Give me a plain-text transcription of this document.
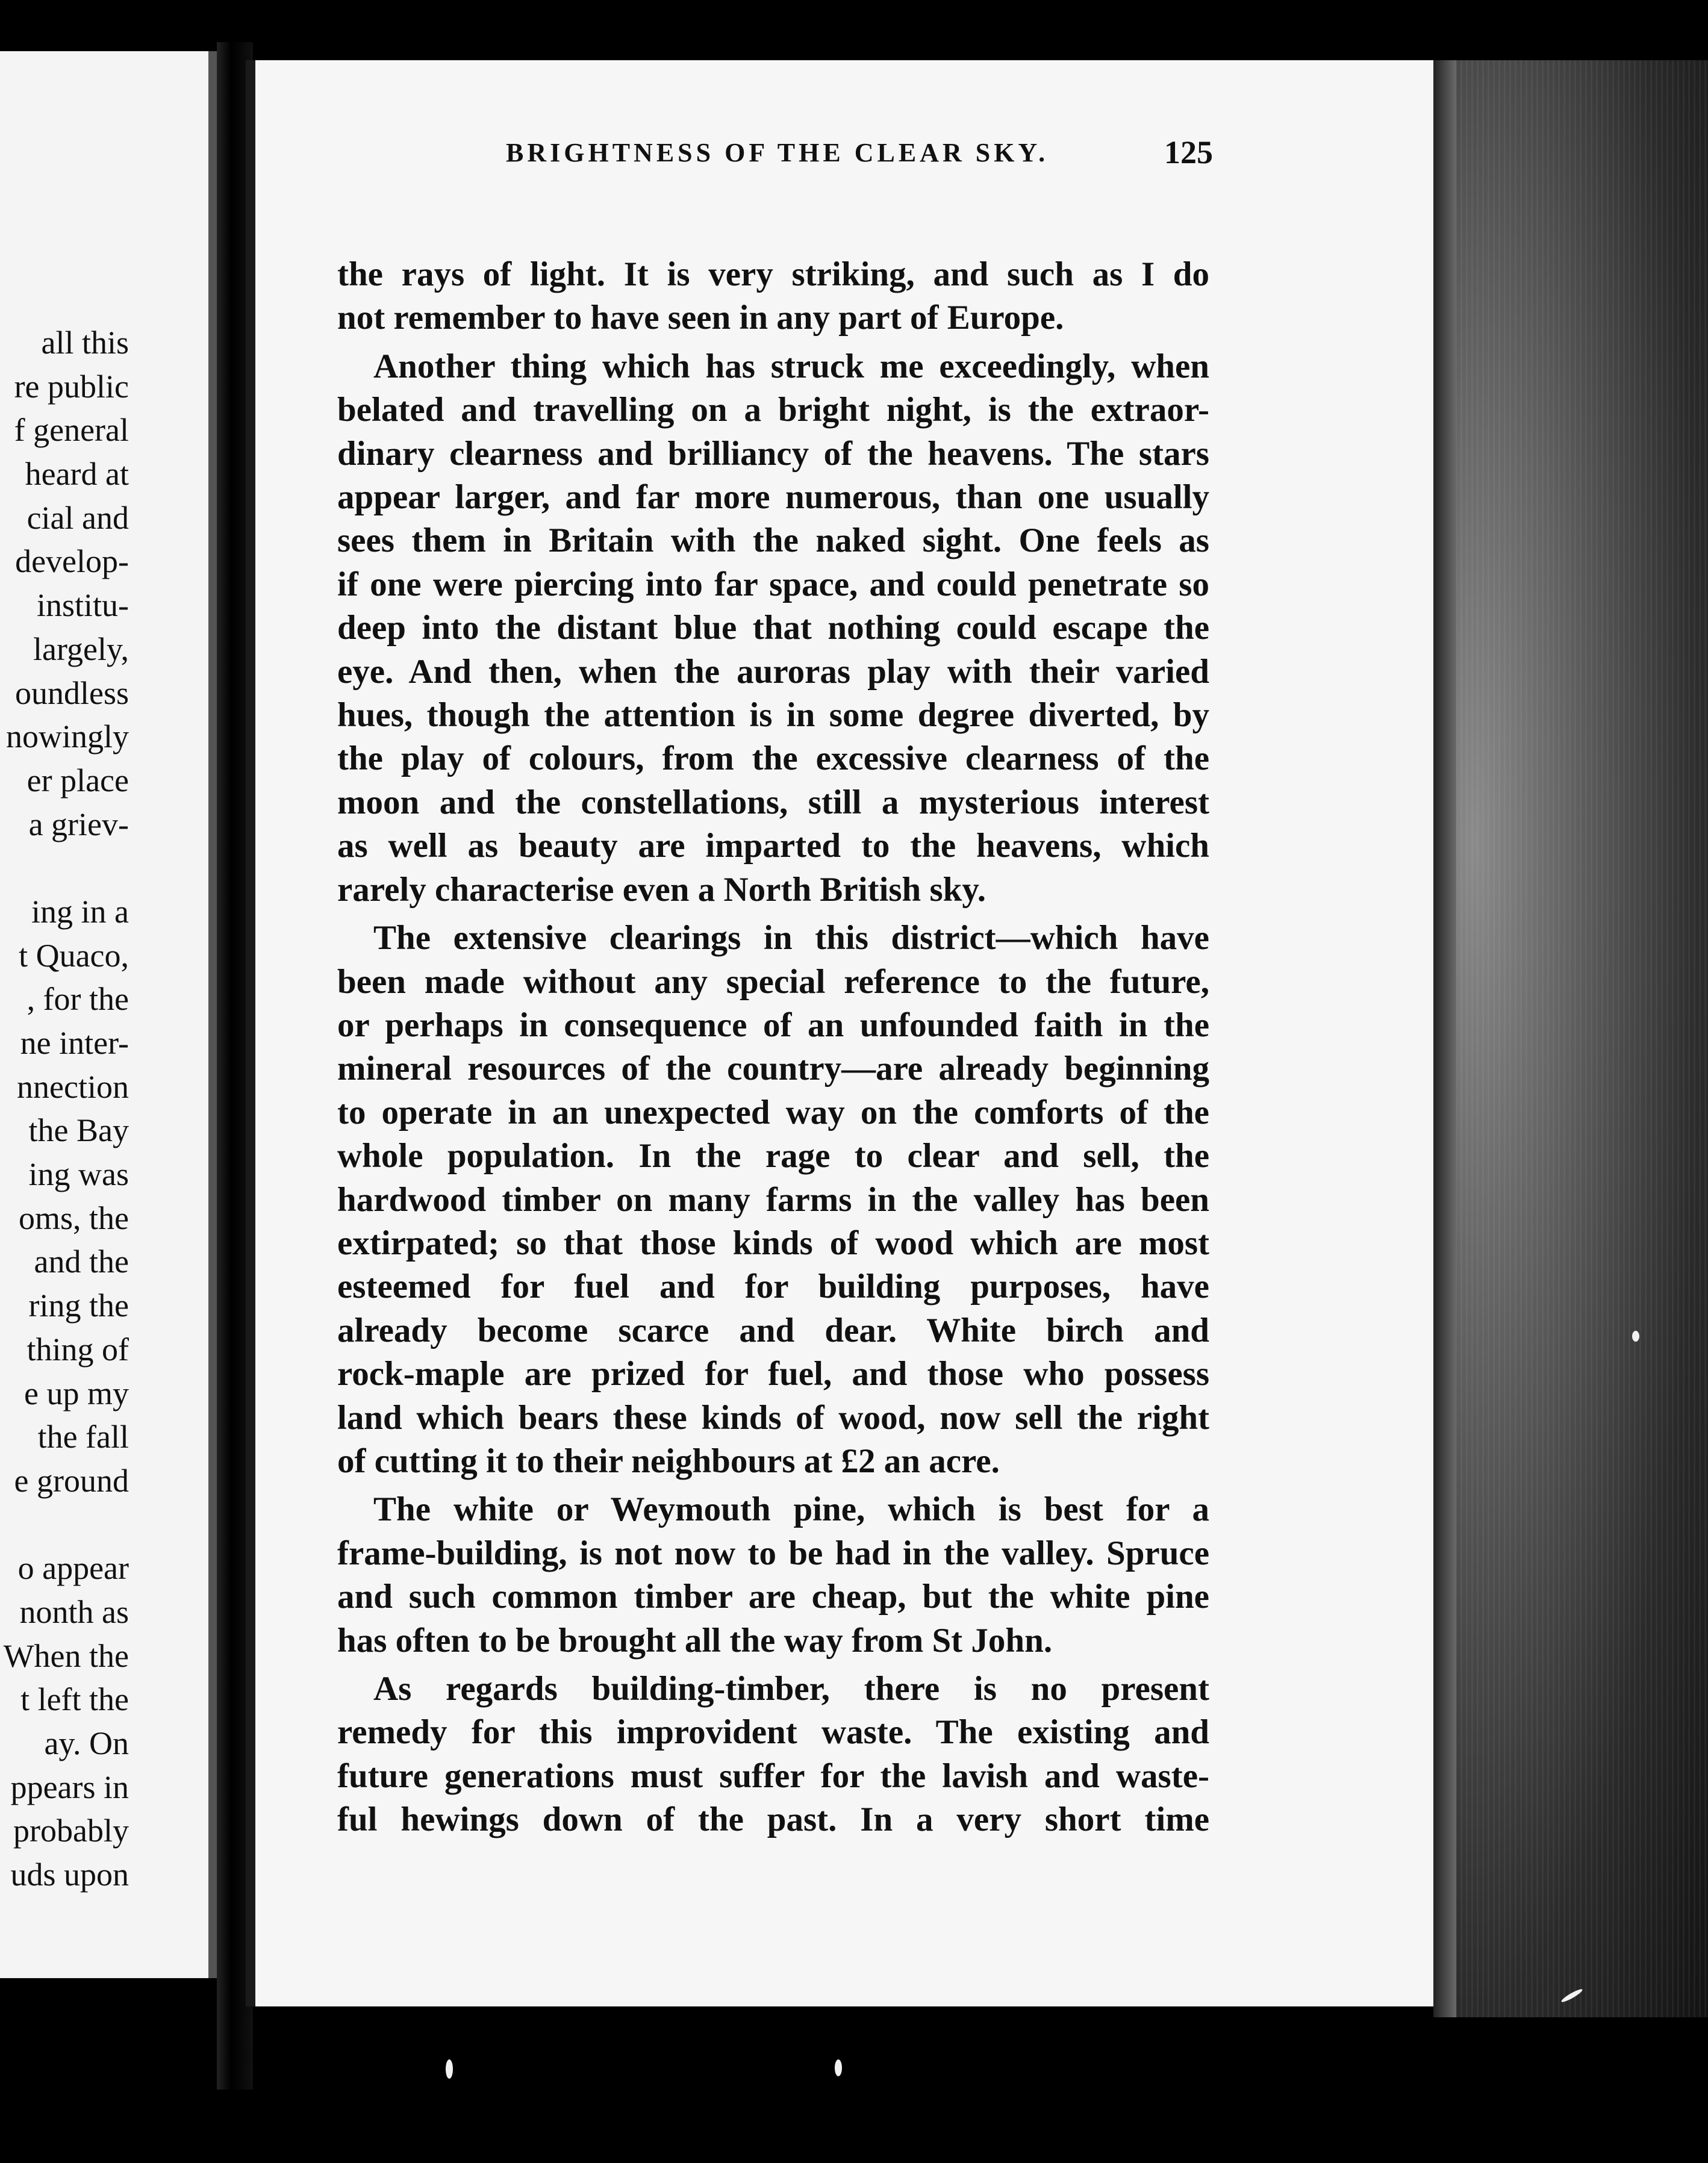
all this
re public
f general
heard at
cial and
develop-
institu-
largely,
oundless
nowingly
er place
a griev-
ing in a
t Quaco,
, for the
ne inter-
nnection
the Bay
ing was
oms, the
and the
ring the
thing of
e up my
the fall
e ground
o appear
nonth as
When the
t left the
ay. On
ppears in
probably
uds upon
BRIGHTNESS OF THE CLEAR SKY.	125

the rays of light. It is very striking, and such as I do
not remember to have seen in any part of Europe.

Another thing which has struck me exceedingly, when
belated and travelling on a bright night, is the extraor-
dinary clearness and brilliancy of the heavens. The stars
appear larger, and far more numerous, than one usually
sees them in Britain with the naked sight. One feels as
if one were piercing into far space, and could penetrate so
deep into the distant blue that nothing could escape the
eye. And then, when the auroras play with their varied
hues, though the attention is in some degree diverted, by
the play of colours, from the excessive clearness of the
moon and the constellations, still a mysterious interest
as well as beauty are imparted to the heavens, which
rarely characterise even a North British sky.

The extensive clearings in this district—which have
been made without any special reference to the future,
or perhaps in consequence of an unfounded faith in the
mineral resources of the country—are already beginning
to operate in an unexpected way on the comforts of the
whole population. In the rage to clear and sell, the
hardwood timber on many farms in the valley has been
extirpated; so that those kinds of wood which are most
esteemed for fuel and for building purposes, have
already become scarce and dear. White birch and
rock-maple are prized for fuel, and those who possess
land which bears these kinds of wood, now sell the right
of cutting it to their neighbours at £2 an acre.

The white or Weymouth pine, which is best for a
frame-building, is not now to be had in the valley. Spruce
and such common timber are cheap, but the white pine
has often to be brought all the way from St John.

As regards building-timber, there is no present
remedy for this improvident waste. The existing and
future generations must suffer for the lavish and waste-
ful hewings down of the past. In a very short time
